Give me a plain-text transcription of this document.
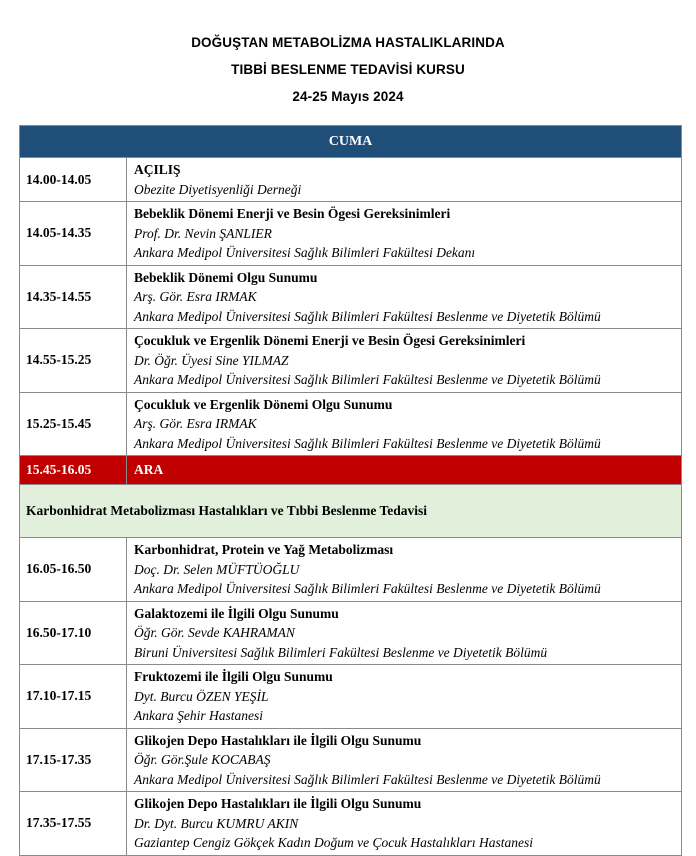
DOĞUŞTAN METABOLİZMA HASTALIKLARINDA
TIBBİ BESLENME TEDAVİSİ KURSU
24-25 Mayıs 2024
CUMA	
14.00-14.05	AÇILIŞ
Obezite Diyetisyenliği Derneği

14.05-14.35	Bebeklik Dönemi Enerji ve Besin Ögesi Gereksinimleri
Prof. Dr. Nevin ŞANLIER
Ankara Medipol Üniversitesi Sağlık Bilimleri Fakültesi Dekanı

14.35-14.55	Bebeklik Dönemi Olgu Sunumu
Arş. Gör. Esra IRMAK
Ankara Medipol Üniversitesi Sağlık Bilimleri Fakültesi Beslenme ve Diyetetik Bölümü

14.55-15.25	Çocukluk ve Ergenlik Dönemi Enerji ve Besin Ögesi Gereksinimleri
Dr. Öğr. Üyesi Sine YILMAZ
Ankara Medipol Üniversitesi Sağlık Bilimleri Fakültesi Beslenme ve Diyetetik Bölümü

15.25-15.45	Çocukluk ve Ergenlik Dönemi Olgu Sunumu
Arş. Gör. Esra IRMAK
Ankara Medipol Üniversitesi Sağlık Bilimleri Fakültesi Beslenme ve Diyetetik Bölümü

15.45-16.05	ARA
Karbonhidrat Metabolizması Hastalıkları ve Tıbbi Beslenme Tedavisi	
16.05-16.50	Karbonhidrat, Protein ve Yağ Metabolizması
Doç. Dr. Selen MÜFTÜOĞLU
Ankara Medipol Üniversitesi Sağlık Bilimleri Fakültesi Beslenme ve Diyetetik Bölümü

16.50-17.10	Galaktozemi ile İlgili Olgu Sunumu
Öğr. Gör. Sevde KAHRAMAN
Biruni Üniversitesi Sağlık Bilimleri Fakültesi Beslenme ve Diyetetik Bölümü

17.10-17.15	Fruktozemi ile İlgili Olgu Sunumu
Dyt. Burcu ÖZEN YEŞİL
Ankara Şehir Hastanesi

17.15-17.35	Glikojen Depo Hastalıkları ile İlgili Olgu Sunumu
Öğr. Gör.Şule KOCABAŞ
Ankara Medipol Üniversitesi Sağlık Bilimleri Fakültesi Beslenme ve Diyetetik Bölümü

17.35-17.55	Glikojen Depo Hastalıkları ile İlgili Olgu Sunumu
Dr. Dyt. Burcu KUMRU AKIN
Gaziantep Cengiz Gökçek Kadın Doğum ve Çocuk Hastalıkları Hastanesi
